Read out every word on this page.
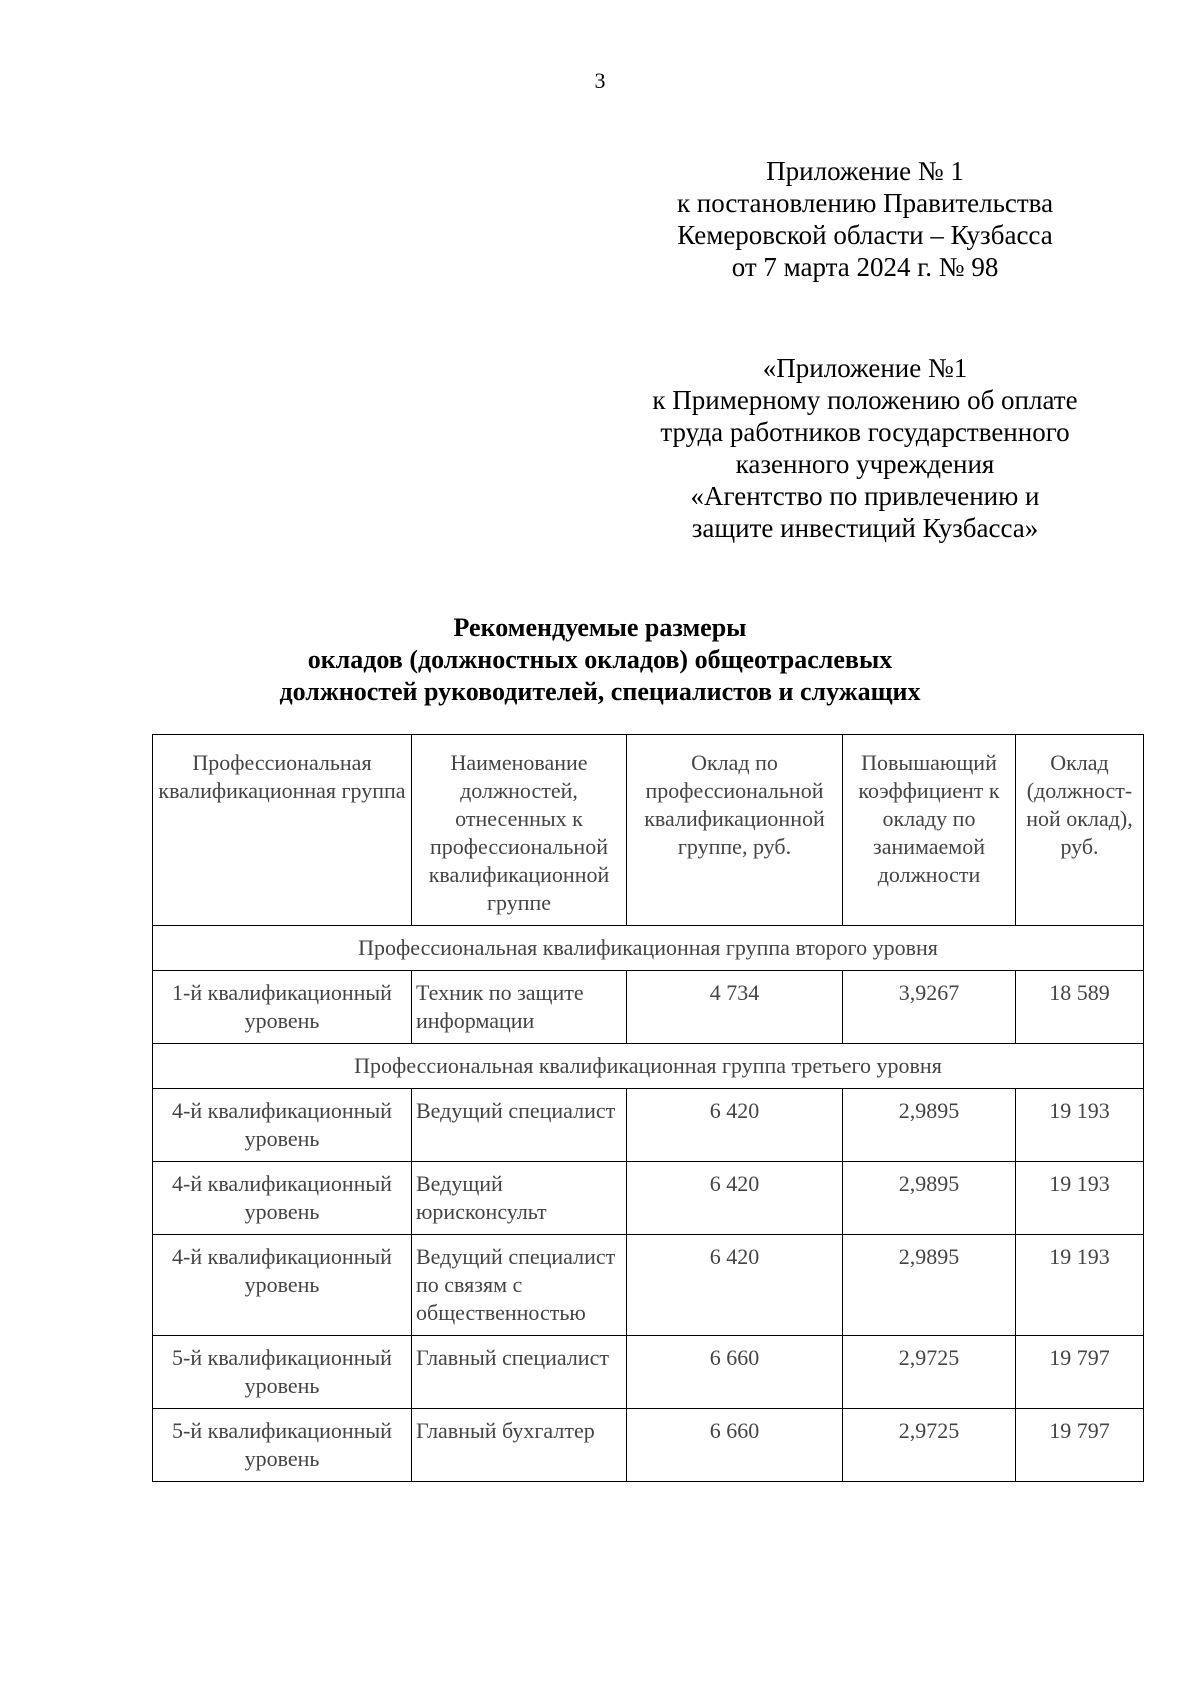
3
Приложение № 1
к постановлению Правительства
Кемеровской области – Кузбасса
от 7 марта 2024 г. № 98
«Приложение №1
к Примерному положению об оплате
труда работников государственного
казенного учреждения
«Агентство по привлечению и
защите инвестиций Кузбасса»
Рекомендуемые размеры
окладов (должностных окладов) общеотраслевых
должностей руководителей, специалистов и служащих
Профессиональная квалификационная группа	Наименование должностей, отнесенных к профессиональной квалификационной группе	Оклад по профессиональной квалификационной группе, руб.	Повышающий коэффициент к окладу по занимаемой должности	Оклад (должност-ной оклад), руб.
Профессиональная квалификационная группа второго уровня				
1-й квалификационный уровень	Техник по защите информации	4 734	3,9267	18 589
Профессиональная квалификационная группа третьего уровня				
4-й квалификационный уровень	Ведущий специалист	6 420	2,9895	19 193
4-й квалификационный уровень	Ведущий юрисконсульт	6 420	2,9895	19 193
4-й квалификационный уровень	Ведущий специалист по связям с общественностью	6 420	2,9895	19 193
5-й квалификационный уровень	Главный специалист	6 660	2,9725	19 797
5-й квалификационный уровень	Главный бухгалтер	6 660	2,9725	19 797
